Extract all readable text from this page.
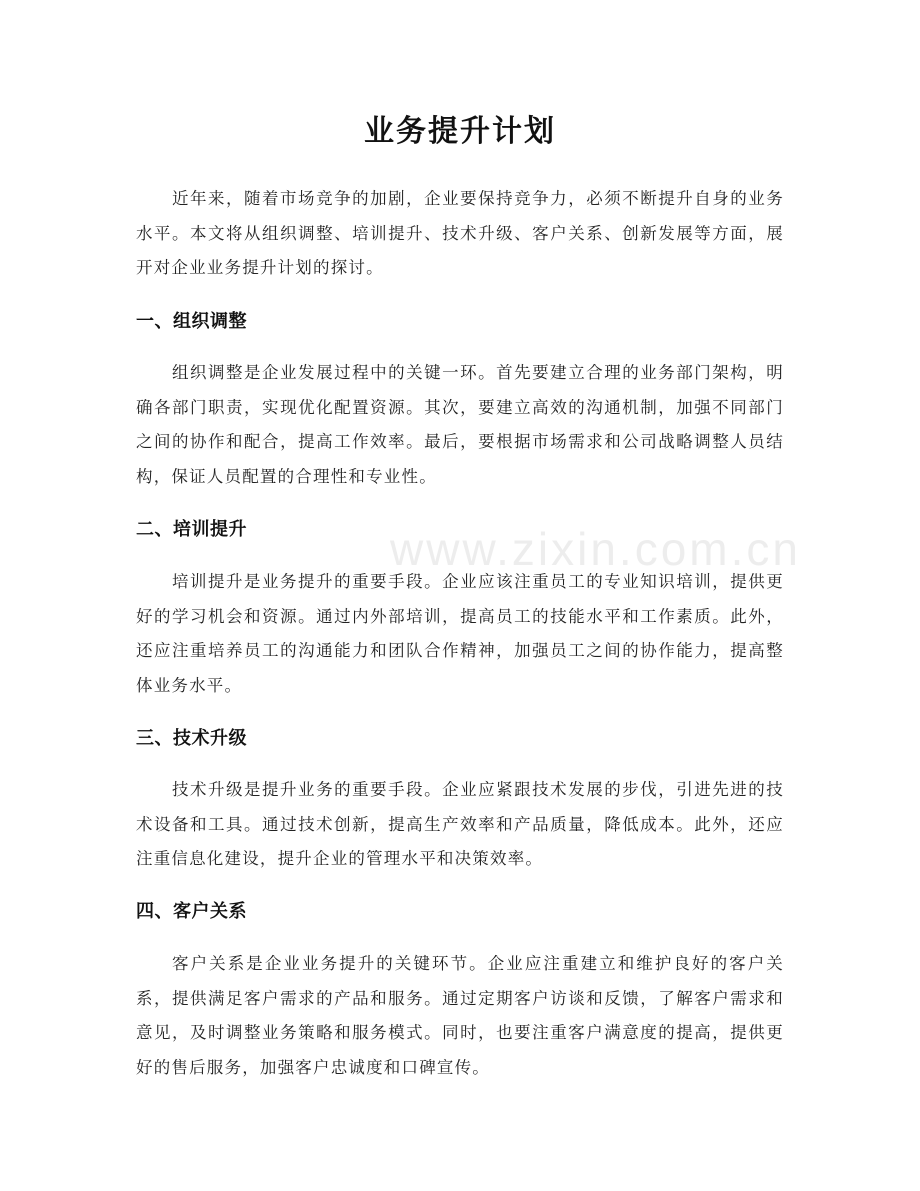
www.zixin.com.cn
业务提升计划

近年来，随着市场竞争的加剧，企业要保持竞争力，必须不断提升自身的业务水平。本文将从组织调整、培训提升、技术升级、客户关系、创新发展等方面，展开对企业业务提升计划的探讨。

一、组织调整

组织调整是企业发展过程中的关键一环。首先要建立合理的业务部门架构，明确各部门职责，实现优化配置资源。其次，要建立高效的沟通机制，加强不同部门之间的协作和配合，提高工作效率。最后，要根据市场需求和公司战略调整人员结构，保证人员配置的合理性和专业性。

二、培训提升

培训提升是业务提升的重要手段。企业应该注重员工的专业知识培训，提供更好的学习机会和资源。通过内外部培训，提高员工的技能水平和工作素质。此外，还应注重培养员工的沟通能力和团队合作精神，加强员工之间的协作能力，提高整体业务水平。

三、技术升级

技术升级是提升业务的重要手段。企业应紧跟技术发展的步伐，引进先进的技术设备和工具。通过技术创新，提高生产效率和产品质量，降低成本。此外，还应注重信息化建设，提升企业的管理水平和决策效率。

四、客户关系

客户关系是企业业务提升的关键环节。企业应注重建立和维护良好的客户关系，提供满足客户需求的产品和服务。通过定期客户访谈和反馈，了解客户需求和意见，及时调整业务策略和服务模式。同时，也要注重客户满意度的提高，提供更好的售后服务，加强客户忠诚度和口碑宣传。
